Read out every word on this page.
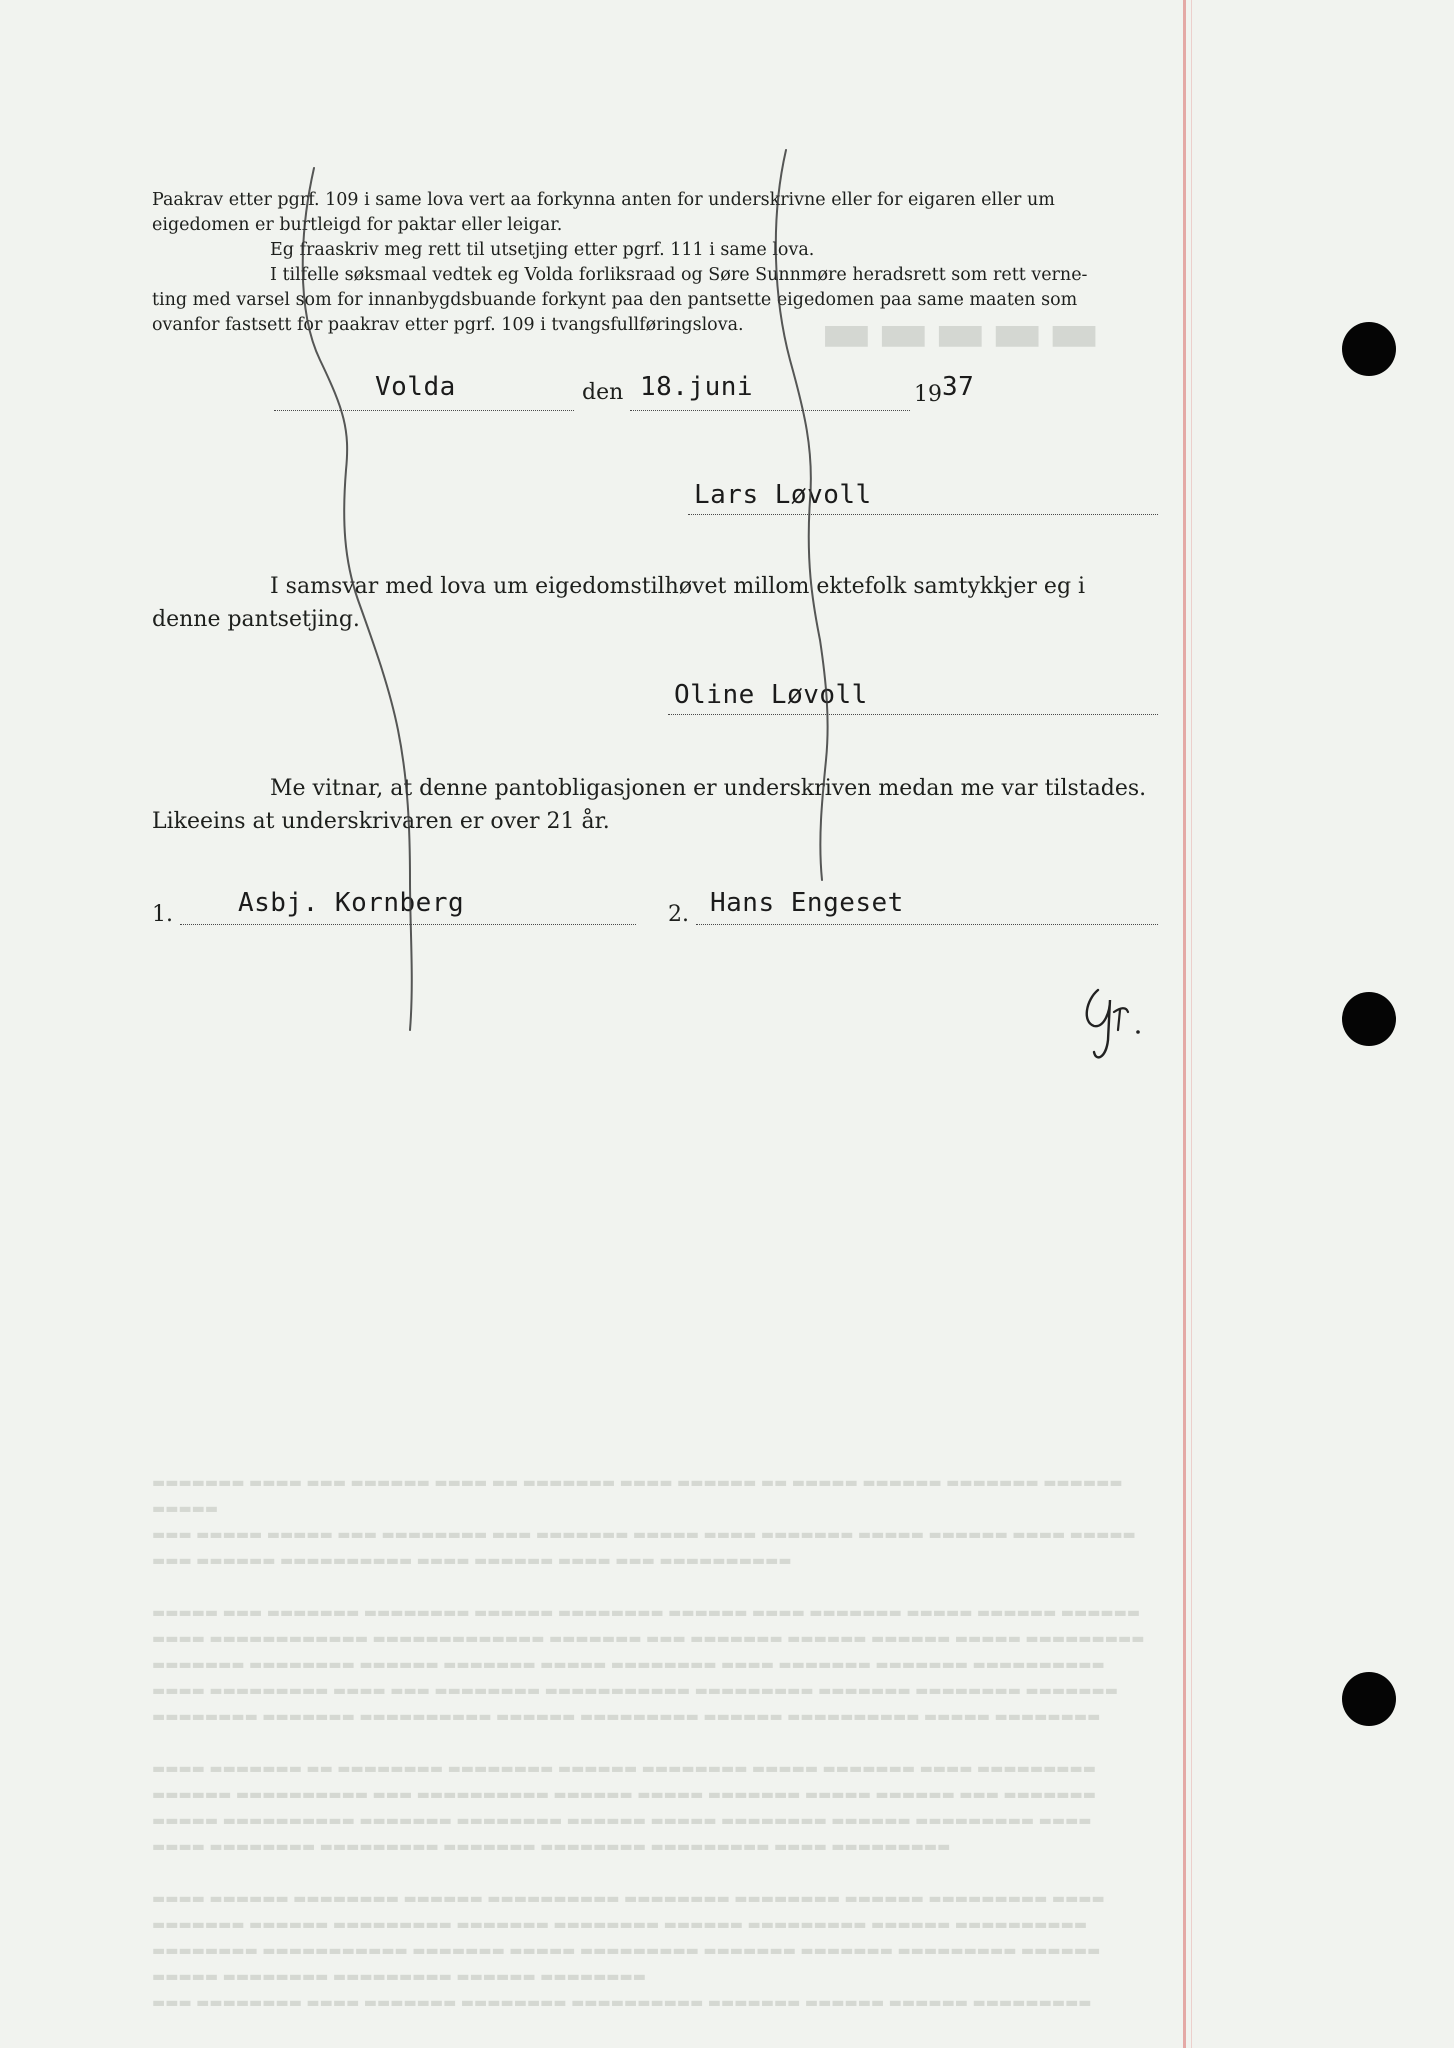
▬▬▬▬▬
▬▬▬▬▬▬▬ ▬▬▬▬ ▬▬▬ ▬▬▬▬▬▬ ▬▬▬▬ ▬▬ ▬▬▬▬▬▬▬ ▬▬▬▬ ▬▬▬▬▬▬ ▬▬ ▬▬▬▬▬ ▬▬▬▬▬▬ ▬▬▬▬▬▬▬ ▬▬▬▬▬▬ ▬▬▬▬▬
▬▬▬ ▬▬▬▬▬ ▬▬▬▬▬ ▬▬▬ ▬▬▬▬▬▬▬▬ ▬▬▬ ▬▬▬▬▬▬▬ ▬▬▬▬▬ ▬▬▬▬ ▬▬▬▬▬▬▬ ▬▬▬▬▬ ▬▬▬▬▬▬ ▬▬▬▬ ▬▬▬▬▬
▬▬▬ ▬▬▬▬▬▬ ▬▬▬▬▬▬▬▬▬▬ ▬▬▬▬ ▬▬▬▬▬▬ ▬▬▬▬ ▬▬▬ ▬▬▬▬▬▬▬▬▬▬

▬▬▬▬▬ ▬▬▬ ▬▬▬▬▬▬▬ ▬▬▬▬▬▬▬▬ ▬▬▬▬▬▬ ▬▬▬▬▬▬▬▬ ▬▬▬▬▬▬ ▬▬▬▬ ▬▬▬▬▬▬▬ ▬▬▬▬▬ ▬▬▬▬▬▬ ▬▬▬▬▬▬
▬▬▬▬ ▬▬▬▬▬▬▬▬▬▬▬▬ ▬▬▬▬▬▬▬▬▬▬▬▬▬ ▬▬▬▬▬▬▬ ▬▬▬ ▬▬▬▬▬▬▬ ▬▬▬▬▬▬ ▬▬▬▬▬▬ ▬▬▬▬▬ ▬▬▬▬▬▬▬▬▬
▬▬▬▬▬▬▬ ▬▬▬▬▬▬▬▬ ▬▬▬▬▬▬ ▬▬▬▬▬▬▬ ▬▬▬▬▬ ▬▬▬▬▬▬▬▬ ▬▬▬▬ ▬▬▬▬▬▬▬ ▬▬▬▬▬▬▬ ▬▬▬▬▬▬▬▬▬▬
▬▬▬▬ ▬▬▬▬▬▬▬▬▬ ▬▬▬▬ ▬▬▬ ▬▬▬▬▬▬▬▬ ▬▬▬▬▬▬▬▬▬▬▬ ▬▬▬▬▬▬▬▬▬ ▬▬▬▬▬▬▬ ▬▬▬▬▬▬▬▬ ▬▬▬▬▬▬▬
▬▬▬▬▬▬▬▬ ▬▬▬▬▬▬▬ ▬▬▬▬▬▬▬▬▬▬ ▬▬▬▬▬▬ ▬▬▬▬▬▬▬▬▬ ▬▬▬▬▬▬ ▬▬▬▬▬▬▬▬▬▬ ▬▬▬▬▬ ▬▬▬▬▬▬▬▬

▬▬▬▬ ▬▬▬▬▬▬▬ ▬▬ ▬▬▬▬▬▬▬▬ ▬▬▬▬▬▬▬▬ ▬▬▬▬▬▬ ▬▬▬▬▬▬▬▬ ▬▬▬▬▬ ▬▬▬▬▬▬▬ ▬▬▬▬ ▬▬▬▬▬▬▬▬▬
▬▬▬▬▬▬ ▬▬▬▬▬▬▬▬▬▬ ▬▬▬ ▬▬▬▬▬▬▬▬▬▬ ▬▬▬▬▬▬ ▬▬▬▬▬ ▬▬▬▬▬▬▬ ▬▬▬▬▬ ▬▬▬▬▬▬ ▬▬▬ ▬▬▬▬▬▬▬
▬▬▬▬▬ ▬▬▬▬▬▬▬▬▬▬ ▬▬▬▬▬▬▬ ▬▬▬▬▬▬▬▬ ▬▬▬▬▬▬ ▬▬▬▬▬ ▬▬▬▬▬▬▬▬ ▬▬▬▬▬▬ ▬▬▬▬▬▬▬▬▬ ▬▬▬▬
▬▬▬▬ ▬▬▬▬▬▬▬▬ ▬▬▬▬▬▬▬▬▬ ▬▬▬▬▬▬▬ ▬▬▬▬▬▬▬▬ ▬▬▬▬▬▬▬▬▬ ▬▬▬▬ ▬▬▬▬▬▬▬▬▬

▬▬▬▬ ▬▬▬▬▬▬ ▬▬▬▬▬▬▬▬ ▬▬▬▬▬▬ ▬▬▬▬▬▬▬▬▬▬ ▬▬▬▬▬▬▬▬ ▬▬▬▬▬▬▬▬ ▬▬▬▬▬▬ ▬▬▬▬▬▬▬▬▬ ▬▬▬▬
▬▬▬▬▬▬▬ ▬▬▬▬▬▬ ▬▬▬▬▬▬▬▬▬ ▬▬▬▬▬▬▬ ▬▬▬▬▬▬▬▬ ▬▬▬▬▬▬ ▬▬▬▬▬▬▬▬▬ ▬▬▬▬▬▬ ▬▬▬▬▬▬▬▬▬▬
▬▬▬▬▬▬▬▬ ▬▬▬▬▬▬▬▬▬▬▬ ▬▬▬▬▬▬▬ ▬▬▬▬▬ ▬▬▬▬▬▬▬▬▬ ▬▬▬▬▬▬▬ ▬▬▬▬▬▬▬ ▬▬▬▬▬▬▬▬▬ ▬▬▬▬▬▬
▬▬▬▬▬ ▬▬▬▬▬▬▬▬ ▬▬▬▬▬▬▬▬▬ ▬▬▬▬▬▬ ▬▬▬▬▬▬▬▬
▬▬▬ ▬▬▬▬▬▬▬▬ ▬▬▬▬ ▬▬▬▬▬▬▬ ▬▬▬▬▬▬▬▬ ▬▬▬▬▬▬▬▬▬▬ ▬▬▬▬▬▬▬ ▬▬▬▬▬▬ ▬▬▬▬▬▬ ▬▬▬▬▬▬▬▬▬
Paakrav etter pgrf. 109 i same lova vert aa forkynna anten for underskrivne eller for eigaren eller um
eigedomen er burtleigd for paktar eller leigar.
Eg fraaskriv meg rett til utsetjing etter pgrf. 111 i same lova.
I tilfelle søksmaal vedtek eg Volda forliksraad og Søre Sunnmøre heradsrett som rett verne-
ting med varsel som for innanbygdsbuande forkynt paa den pantsette eigedomen paa same maaten som
ovanfor fastsett for paakrav etter pgrf. 109 i tvangsfullføringslova.
Volda	den 18.juni	19 37
Lars Løvoll
I samsvar med lova um eigedomstilhøvet millom ektefolk samtykkjer eg i
denne pantsetjing.
Oline Løvoll
Me vitnar, at denne pantobligasjonen er underskriven medan me var tilstades.
Likeeins at underskrivaren er over 21 år.
1.	Asbj. Kornberg	2. Hans Engeset
